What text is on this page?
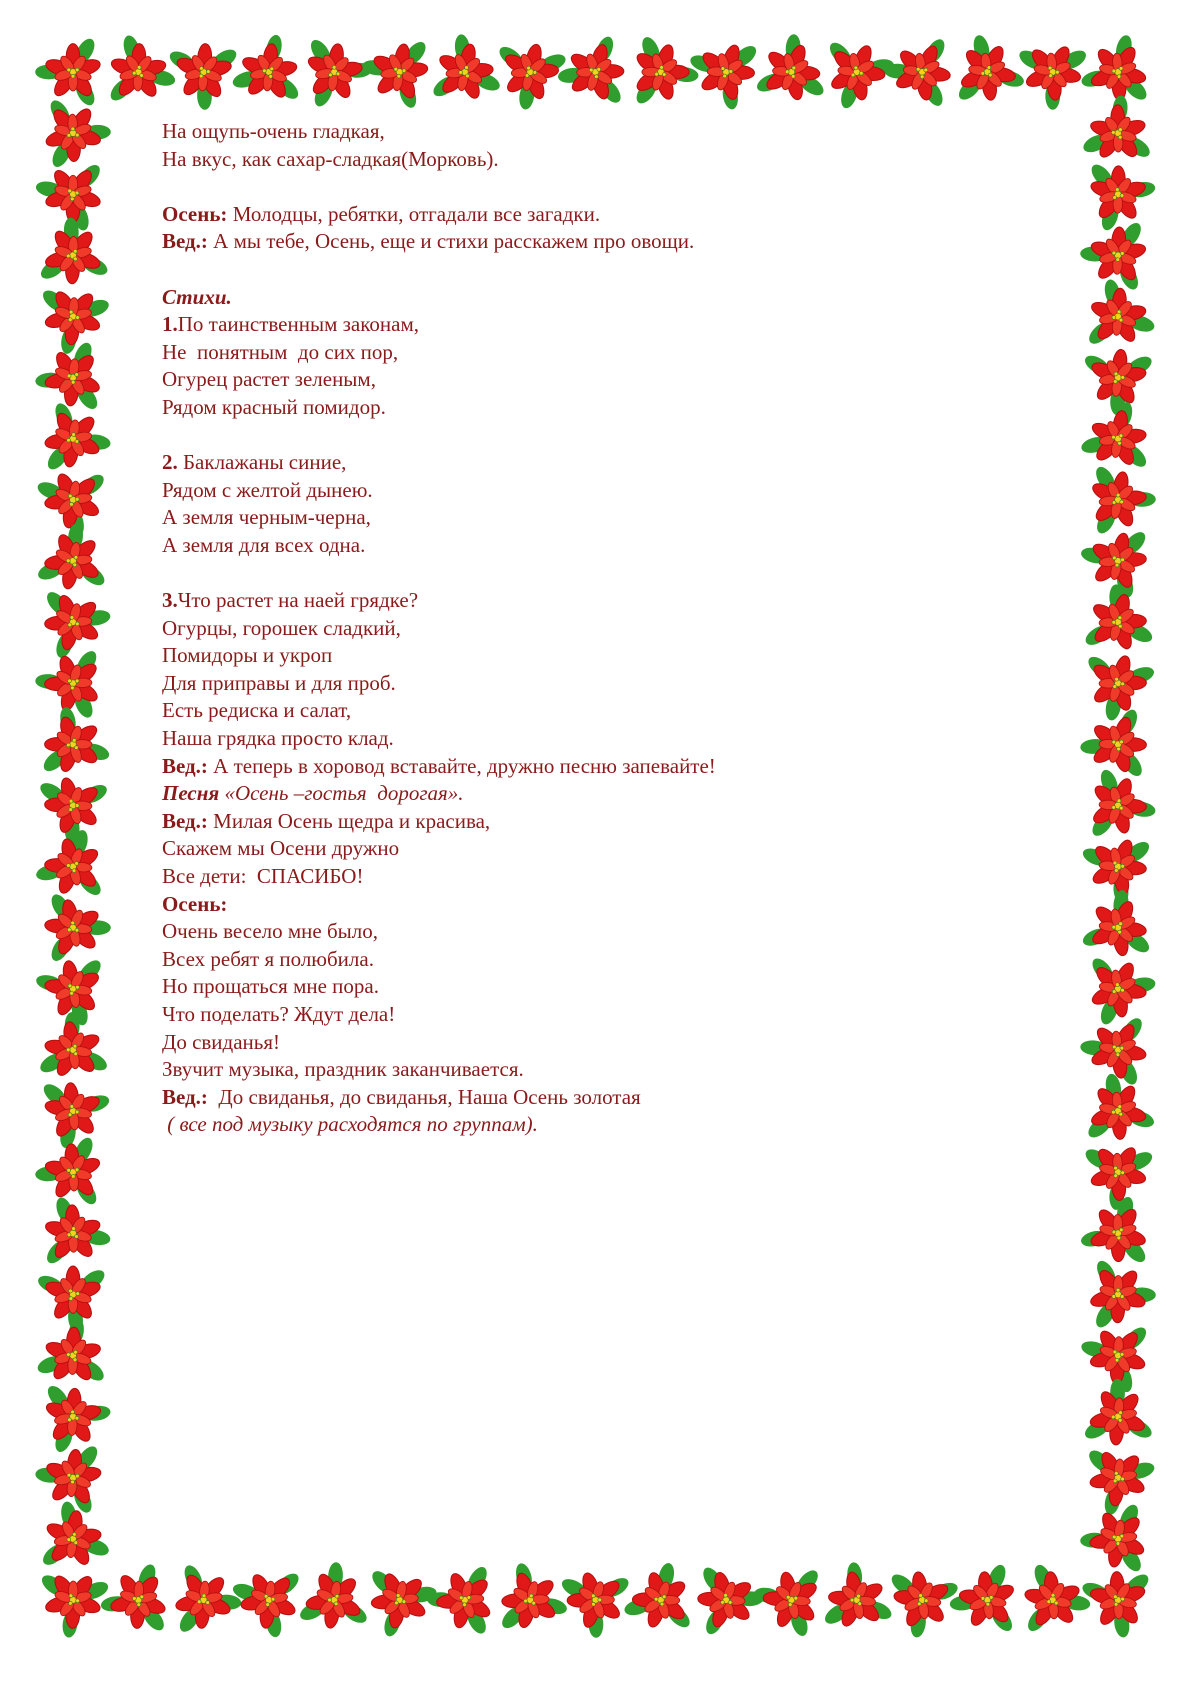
На ощупь-очень гладкая,
На вкус, как сахар-сладкая(Морковь).
Осень: Молодцы, ребятки, отгадали все загадки.
Вед.: А мы тебе, Осень, еще и стихи расскажем про овощи.
Стихи.
1.По таинственным законам,
Не  понятным  до сих пор,
Огурец растет зеленым,
Рядом красный помидор.
2. Баклажаны синие,
Рядом с желтой дынею.
А земля черным-черна,
А земля для всех одна.
3.Что растет на наей грядке?
Огурцы, горошек сладкий,
Помидоры и укроп
Для приправы и для проб.
Есть редиска и салат,
Наша грядка просто клад.
Вед.: А теперь в хоровод вставайте, дружно песню запевайте!
Песня «Осень –гостья  дорогая».
Вед.: Милая Осень щедра и красива,
Скажем мы Осени дружно
Все дети:  СПАСИБО!
Осень:
Очень весело мне было,
Всех ребят я полюбила.
Но прощаться мне пора.
Что поделать? Ждут дела!
До свиданья!
Звучит музыка, праздник заканчивается.
Вед.:  До свиданья, до свиданья, Наша Осень золотая
( все под музыку расходятся по группам).
